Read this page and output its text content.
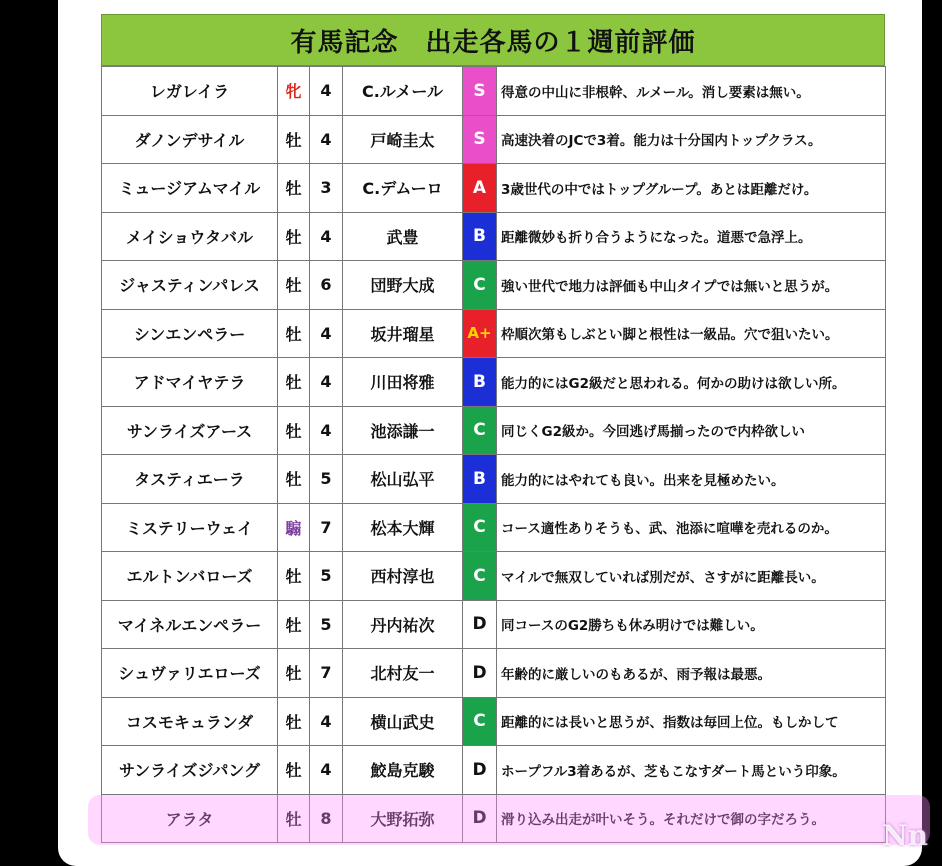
有馬記念　出走各馬の１週前評価
レガレイラ	牝	4	C.ルメール	S	得意の中山に非根幹、ルメール。消し要素は無い。
ダノンデサイル	牡	4	戸崎圭太	S	高速決着のJCで3着。能力は十分国内トップクラス。
ミュージアムマイル	牡	3	C.デムーロ	A	3歳世代の中ではトップグループ。あとは距離だけ。
メイショウタバル	牡	4	武豊	B	距離微妙も折り合うようになった。道悪で急浮上。
ジャスティンパレス	牡	6	団野大成	C	強い世代で地力は評価も中山タイプでは無いと思うが。
シンエンペラー	牡	4	坂井瑠星	A+	枠順次第もしぶとい脚と根性は一級品。穴で狙いたい。
アドマイヤテラ	牡	4	川田将雅	B	能力的にはG2級だと思われる。何かの助けは欲しい所。
サンライズアース	牡	4	池添謙一	C	同じくG2級か。今回逃げ馬揃ったので内枠欲しい
タスティエーラ	牡	5	松山弘平	B	能力的にはやれても良い。出来を見極めたい。
ミステリーウェイ	騸	7	松本大輝	C	コース適性ありそうも、武、池添に喧嘩を売れるのか。
エルトンバローズ	牡	5	西村淳也	C	マイルで無双していれば別だが、さすがに距離長い。
マイネルエンペラー	牡	5	丹内祐次	D	同コースのG2勝ちも休み明けでは難しい。
シュヴァリエローズ	牡	7	北村友一	D	年齢的に厳しいのもあるが、雨予報は最悪。
コスモキュランダ	牡	4	横山武史	C	距離的には長いと思うが、指数は毎回上位。もしかして
サンライズジパング	牡	4	鮫島克駿	D	ホープフル3着あるが、芝もこなすダート馬という印象。
アラタ	牡	8	大野拓弥	D	滑り込み出走が叶いそう。それだけで御の字だろう。 Nn
